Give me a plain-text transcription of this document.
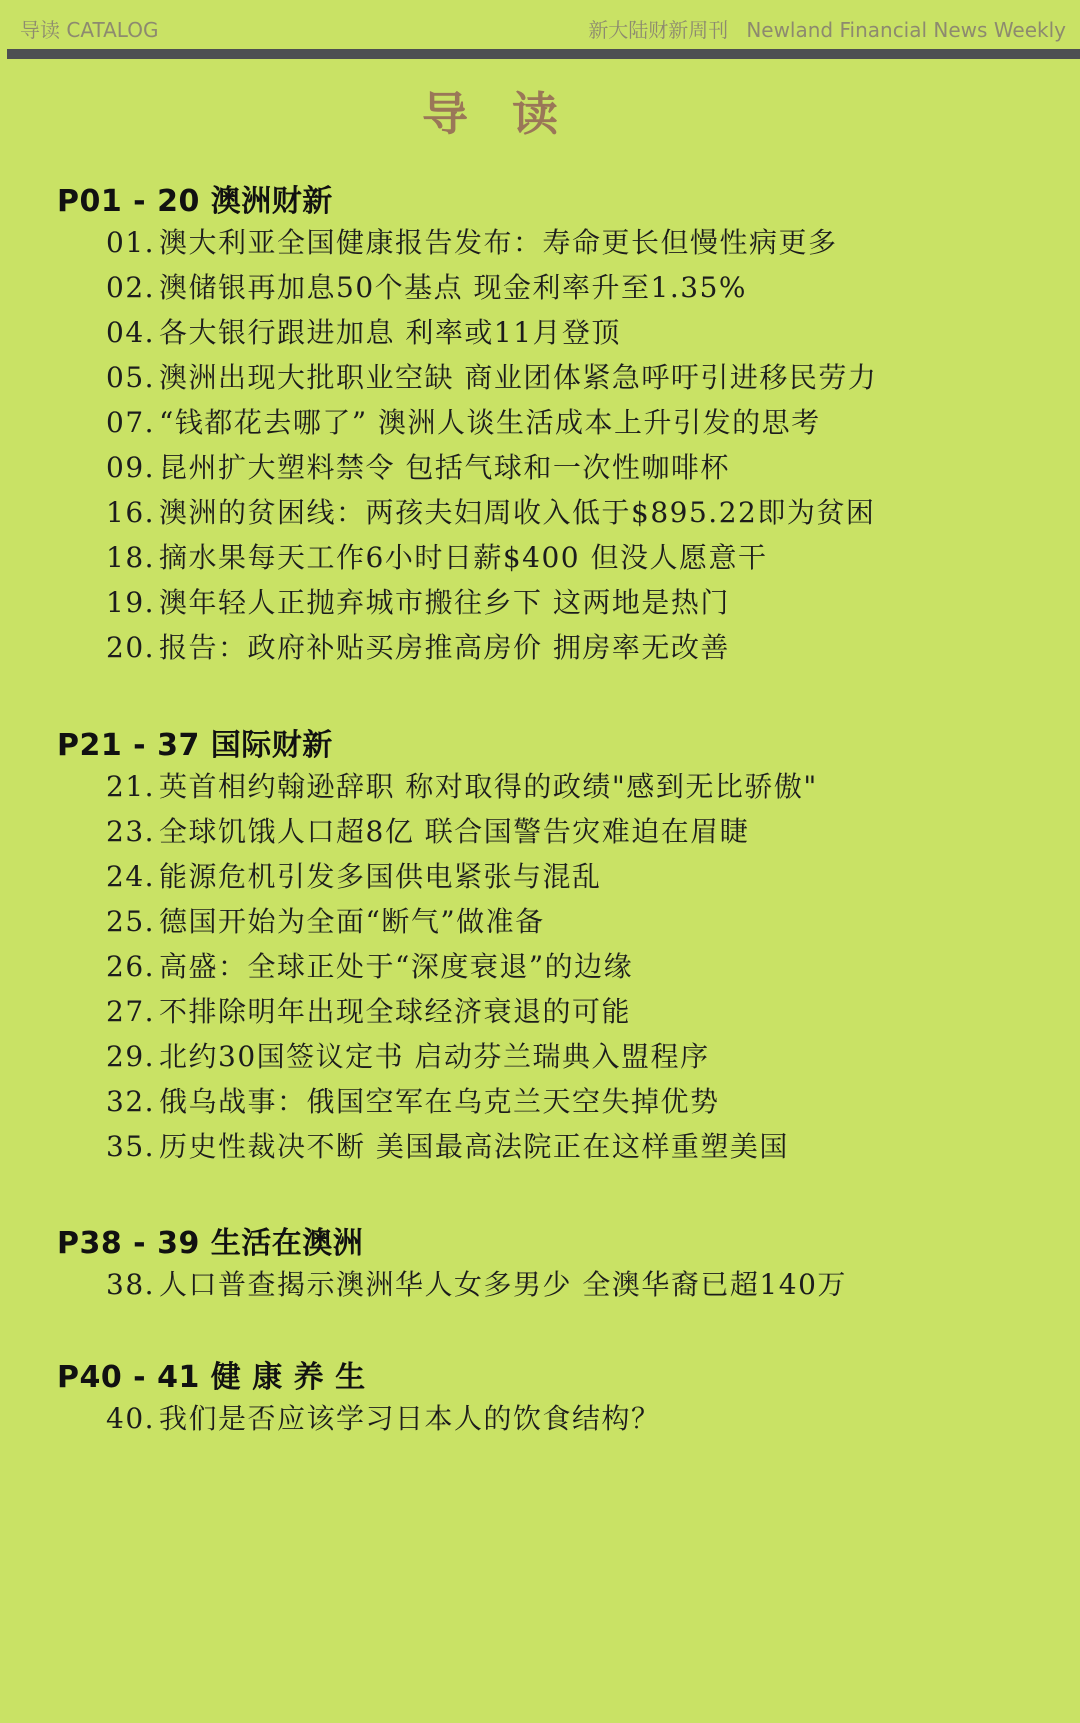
导读 CATALOG	新大陆财新周刊 Newland Financial News Weekly
导读
P01 - 20 澳洲财新
01. 澳大利亚全国健康报告发布：寿命更长但慢性病更多
02. 澳储银再加息50个基点 现金利率升至1.35%
04. 各大银行跟进加息 利率或11月登顶
05. 澳洲出现大批职业空缺 商业团体紧急呼吁引进移民劳力
07. “钱都花去哪了” 澳洲人谈生活成本上升引发的思考
09. 昆州扩大塑料禁令 包括气球和一次性咖啡杯
16. 澳洲的贫困线：两孩夫妇周收入低于$895.22即为贫困
18. 摘水果每天工作6小时日薪$400 但没人愿意干
19. 澳年轻人正抛弃城市搬往乡下 这两地是热门
20. 报告：政府补贴买房推高房价 拥房率无改善
P21 - 37 国际财新
21. 英首相约翰逊辞职 称对取得的政绩"感到无比骄傲"
23. 全球饥饿人口超8亿 联合国警告灾难迫在眉睫
24. 能源危机引发多国供电紧张与混乱
25. 德国开始为全面“断气”做准备
26. 高盛：全球正处于“深度衰退”的边缘
27. 不排除明年出现全球经济衰退的可能
29. 北约30国签议定书 启动芬兰瑞典入盟程序
32. 俄乌战事：俄国空军在乌克兰天空失掉优势
35. 历史性裁决不断 美国最高法院正在这样重塑美国
P38 - 39 生活在澳洲
38. 人口普查揭示澳洲华人女多男少 全澳华裔已超140万
P40 - 41 健 康 养 生
40. 我们是否应该学习日本人的饮食结构？
